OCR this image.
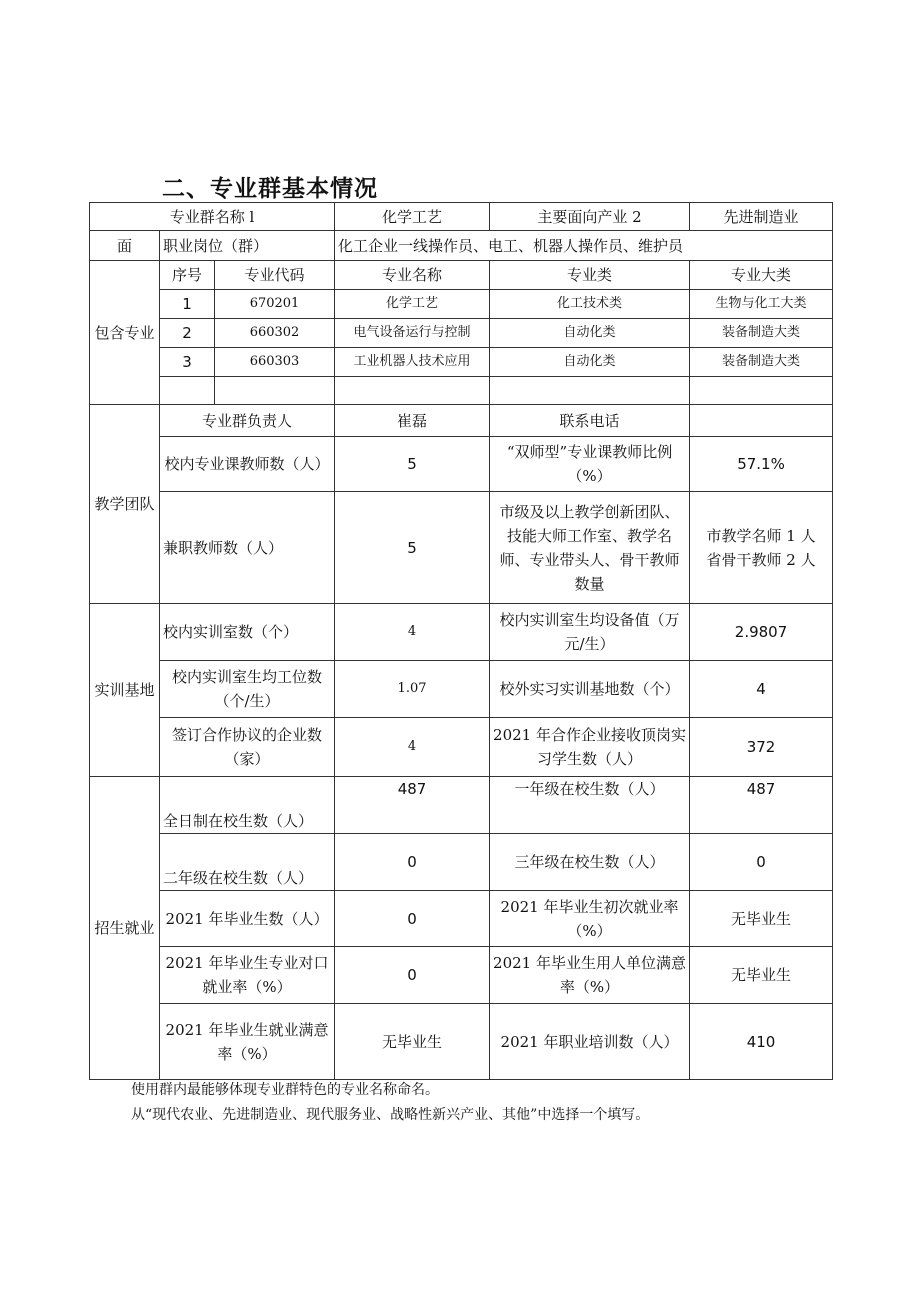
二、专业群基本情况
专业群名称 l			化学工艺	主要面向产业 2	先进制造业
面	职业岗位（群）		化工企业一线操作员、电工、机器人操作员、维护员		
包含专业	序号	专业代码	专业名称	专业类	专业大类
	1	670201	化学工艺	化工技术类	生物与化工大类
	2	660302	电气设备运行与控制	自动化类	装备制造大类
	3	660303	工业机器人技术应用	自动化类	装备制造大类

教学团队	专业群负责人		崔磊	联系电话	
	校内专业课教师数（人）		5	“双师型”专业课教师比例（%）	57.1%
	兼职教师数（人）		5	市级及以上教学创新团队、技能大师工作室、教学名师、专业带头人、骨干教师数量	市教学名师 1 人
省骨干教师 2 人

实训基地	校内实训室数（个）		4	校内实训室生均设备值（万元/生）	2.9807
	校内实训室生均工位数（个/生）		1.07	校外实习实训基地数（个）	4
	签订合作协议的企业数（家）		4	2021 年合作企业接收顶岗实习学生数（人）	372
招生就业	全日制在校生数（人）		487	一年级在校生数（人）	487
	二年级在校生数（人）		0	三年级在校生数（人）	0
	2021 年毕业生数（人）		0	2021 年毕业生初次就业率（%）	无毕业生
	2021 年毕业生专业对口就业率（%）		0	2021 年毕业生用人单位满意率（%）	无毕业生
	2021 年毕业生就业满意率（%）		无毕业生	2021 年职业培训数（人）	410
使用群内最能够体现专业群特色的专业名称命名。
从“现代农业、先进制造业、现代服务业、战略性新兴产业、其他”中选择一个填写。
